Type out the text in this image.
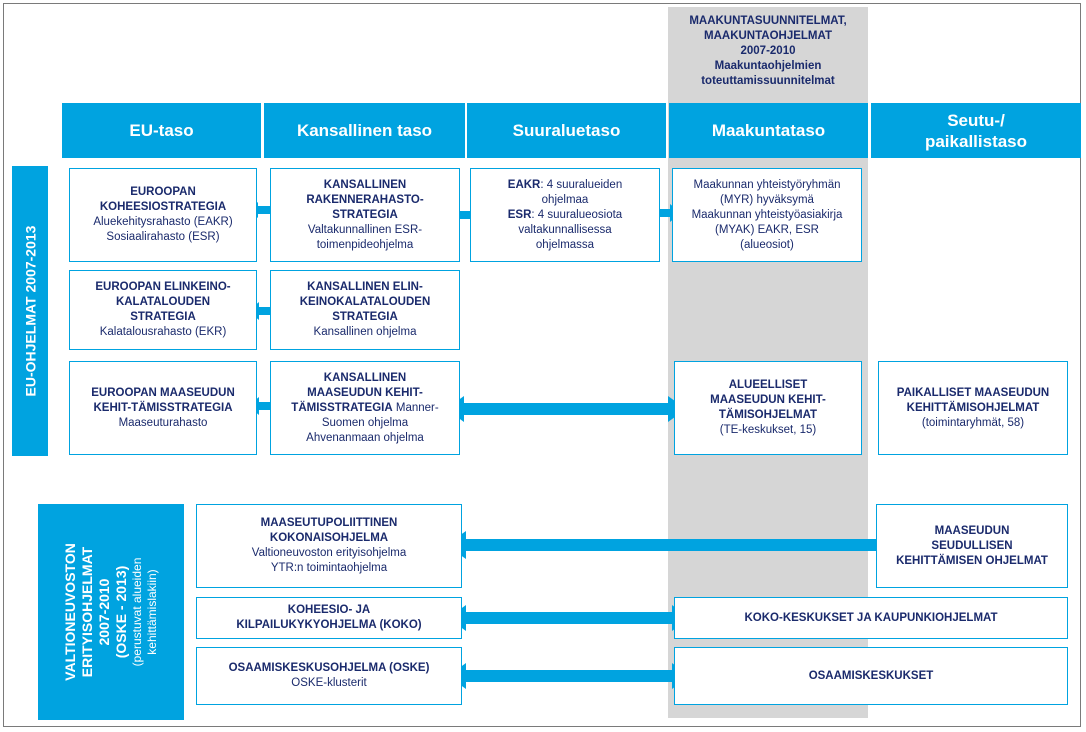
MAAKUNTASUUNNITELMAT,
MAAKUNTAOHJELMAT
2007-2010
Maakuntaohjelmien
toteuttamissuunnitelmat
EU-taso	Kansallinen taso	Suuraluetaso	Maakuntataso
Seutu-/
paikallistaso
EU-OHJELMAT 2007-2013
VALTIONEUVOSTON ERITYISOHJELMAT 2007-2010 (OSKE - 2013) (perustuvat alueiden kehittämislakiin)
EUROOPAN
KOHEESIOSTRATEGIA
Aluekehitysrahasto (EAKR)
Sosiaalirahasto (ESR)
KANSALLINEN
RAKENNERAHASTO-
STRATEGIA
Valtakunnallinen ESR-
toimenpideohjelma
EAKR: 4 suuralueiden
ohjelmaa
ESR: 4 suuralueosiota
valtakunnallisessa
ohjelmassa
Maakunnan yhteistyöryhmän
(MYR) hyväksymä
Maakunnan yhteistyöasiakirja
(MYAK) EAKR, ESR
(alueosiot)
EUROOPAN ELINKEINO-
KALATALOUDEN
STRATEGIA
Kalatalousrahasto (EKR)
KANSALLINEN ELIN-
KEINOKALATALOUDEN
STRATEGIA
Kansallinen ohjelma
EUROOPAN MAASEUDUN
KEHIT-TÄMISSTRATEGIA
Maaseuturahasto
KANSALLINEN
MAASEUDUN KEHIT-
TÄMISSTRATEGIA Manner-
Suomen ohjelma
Ahvenanmaan ohjelma
ALUEELLISET
MAASEUDUN KEHIT-
TÄMISOHJELMAT
(TE-keskukset, 15)
PAIKALLISET MAASEUDUN
KEHITTÄMISOHJELMAT
(toimintaryhmät, 58)
MAASEUTUPOLIITTINEN
KOKONAISOHJELMA
Valtioneuvoston erityisohjelma
YTR:n toimintaohjelma
MAASEUDUN
SEUDULLISEN
KEHITTÄMISEN OHJELMAT
KOHEESIO- JA
KILPAILUKYKYOHJELMA (KOKO)
KOKO-KESKUKSET JA KAUPUNKIOHJELMAT
OSAAMISKESKUSOHJELMA (OSKE)
OSKE-klusterit
OSAAMISKESKUKSET
